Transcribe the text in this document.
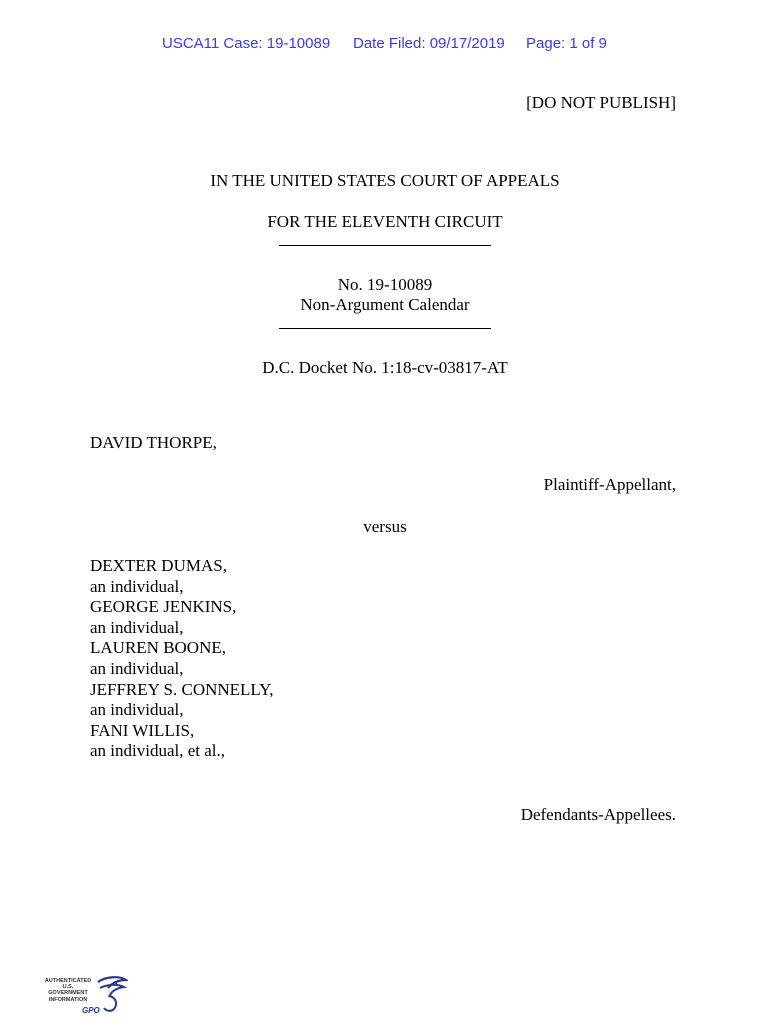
USCA11 Case: 19-10089 Date Filed: 09/17/2019 Page: 1 of 9
[DO NOT PUBLISH]
IN THE UNITED STATES COURT OF APPEALS
FOR THE ELEVENTH CIRCUIT
No. 19-10089
Non-Argument Calendar
D.C. Docket No. 1:18-cv-03817-AT
DAVID THORPE,
Plaintiff-Appellant,
versus
DEXTER DUMAS,
an individual,
GEORGE JENKINS,
an individual,
LAUREN BOONE,
an individual,
JEFFREY S. CONNELLY,
an individual,
FANI WILLIS,
an individual, et al.,
Defendants-Appellees.
AUTHENTICATED
U.S. GOVERNMENT
INFORMATION
GPO
